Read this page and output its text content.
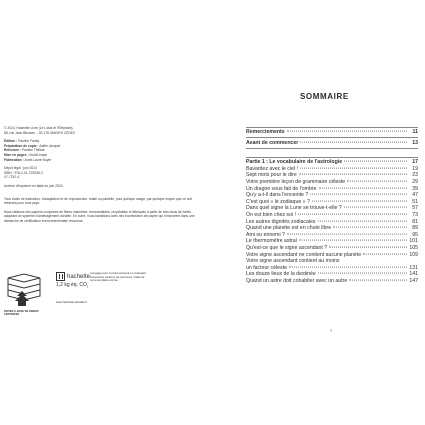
© 2024, Hachette Livre (Le Lotus et l'Éléphant),

58, rue Jean Bleuzen – 92 178 VANVES CEDEX

Édition : Pauline Farley

Préparation de copie : Adèle Jacquet

Relecture : Pauline Thillaut

Mise en pages : NordCompo

Fabrication : Anne-Laure Noyer

Dépôt légal : juin 2024

ISBN : 978-2-01-722935-3

47-7752-4

Achevé d'imprimer en Italie en juin 2024.

Tous droits de traduction, d'adaptation et de reproduction, totale ou partielle, pour quelque usage, par quelque moyen que ce soit, réservés pour tous pays.

Nous utilisons des papiers composés de fibres naturelles, renouvelables, recyclables et fabriqués à partir de bois issus de forêts adoptant un système d'aménagement durable. En outre, nous travaillons avec des fournisseurs de papier qui s'inscrivent dans une démarche de certification environnementale reconnue.

PAPIER À BASE DE FIBRES CERTIFIÉES
hachette
s'engage pour l'environnement en réduisant l'empreinte carbone de ses livres. Celle de cet exemplaire est de :
1,2 kg éq. $CO_2$
www.hachette-durable.fr
SOMMAIRE
Remerciements	11
Avant de commencer	13
Partie 1 : Le vocabulaire de l'astrologie	17
Bavardez avec le ciel !	19
Sept mots pour le dire	23
Votre première leçon de grammaire céleste	29
Un dragon vous fait de l'ombre	39
Qu'y a-t-il dans l'enceinte ?	47
C'est quoi « le zodiaque » ?	51
Dans quel signe la Lune se trouve-t-elle ?	57
On est bien chez soi !	73
Les autres dignités zodiacales	81
Quand une planète est en chute libre	89
Ami ou ennemi ?	95
Le thermomètre astral	101
Qu'est-ce que le signe ascendant ?	105
Votre signe ascendant ne contient aucune planète	109
Votre signe ascendant contient au moins
un facteur céleste	131
Les douze lieux de la destinée	141
Quand un astre doit cohabiter avec un autre	147
7
